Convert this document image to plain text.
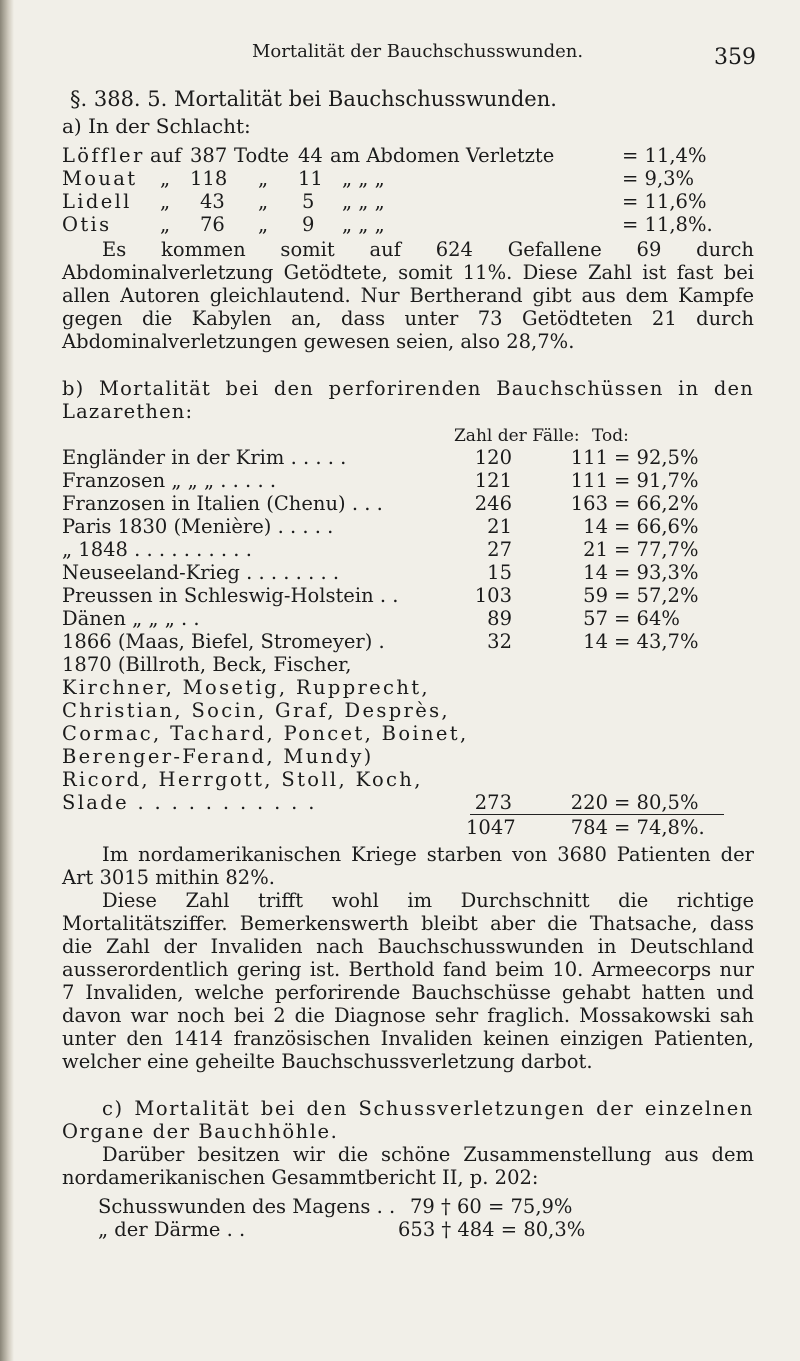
Mortalität der Bauchschusswunden.	359
§. 388. 5. Mortalität bei Bauchschusswunden.
a) In der Schlacht:
Löffler auf 387 Todte 44 am Abdomen Verletzte	= 11,4%
Mouat „ 118 „ 11 „ „ „	= 9,3%
Lidell „ 43 „ 5 „ „ „	= 11,6%
Otis „ 76 „ 9 „ „ „	= 11,8%.

Es kommen somit auf 624 Gefallene 69 durch Abdominalverletzung Getödtete, somit 11%. Diese Zahl ist fast bei allen Autoren gleichlautend. Nur Bertherand gibt aus dem Kampfe gegen die Kabylen an, dass unter 73 Getödteten 21 durch Abdominalverletzungen gewesen seien, also 28,7%.

b) Mortalität bei den perforirenden Bauchschüssen in den Lazarethen:

Zahl der Fälle: Tod:
Engländer in der Krim . . . . .	120	111 = 92,5%
Franzosen „ „ „ . . . . .	121	111 = 91,7%
Franzosen in Italien (Chenu) . . .	246	163 = 66,2%
Paris 1830 (Menière) . . . . .	21	14 = 66,6%
„ 1848 . . . . . . . . . .	27	21 = 77,7%
Neuseeland-Krieg . . . . . . . .	15	14 = 93,3%
Preussen in Schleswig-Holstein . .	103	59 = 57,2%
Dänen „ „ „ . .	89	57 = 64%
1866 (Maas, Biefel, Stromeyer) .	32	14 = 43,7%
1870 (Billroth, Beck, Fischer,
Kirchner, Mosetig, Rupprecht,
Christian, Socin, Graf, Desprès,
Cormac, Tachard, Poncet, Boinet,
Berenger-Ferand, Mundy)
Ricord, Herrgott, Stoll, Koch,
Slade . . . . . . . . . . .	273	220 = 80,5%
1047	784 = 74,8%.

Im nordamerikanischen Kriege starben von 3680 Patienten der Art 3015 mithin 82%.

Diese Zahl trifft wohl im Durchschnitt die richtige Mortalitätsziffer. Bemerkenswerth bleibt aber die Thatsache, dass die Zahl der Invaliden nach Bauchschusswunden in Deutschland ausserordentlich gering ist. Berthold fand beim 10. Armeecorps nur 7 Invaliden, welche perforirende Bauchschüsse gehabt hatten und davon war noch bei 2 die Diagnose sehr fraglich. Mossakowski sah unter den 1414 französischen Invaliden keinen einzigen Patienten, welcher eine geheilte Bauchschussverletzung darbot.

c) Mortalität bei den Schussverletzungen der einzelnen Organe der Bauchhöhle.

Darüber besitzen wir die schöne Zusammenstellung aus dem nordamerikanischen Gesammtbericht II, p. 202:

Schusswunden des Magens . . 79 † 60 = 75,9%
„ der Därme . .	653 † 484 = 80,3%
